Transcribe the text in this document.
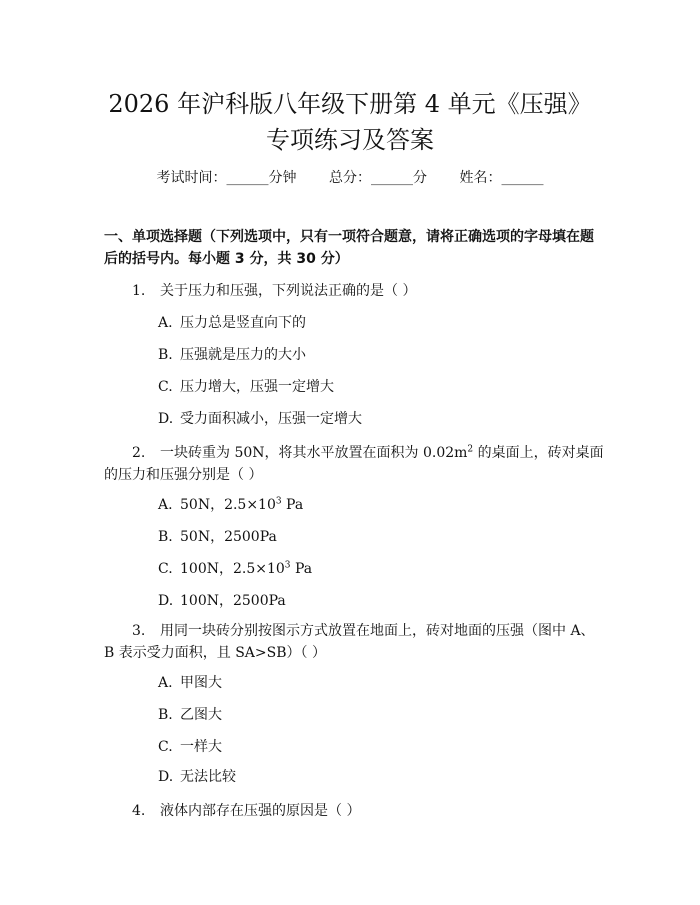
2026 年沪科版八年级下册第 4 单元《压强》
专项练习及答案
考试时间：______分钟 总分：______分 姓名：______

一、单项选择题（下列选项中，只有一项符合题意，请将正确选项的字母填在题后的括号内。每小题 3 分，共 30 分）

1. 关于压力和压强，下列说法正确的是（ ）

A. 压力总是竖直向下的

B. 压强就是压力的大小

C. 压力增大，压强一定增大

D. 受力面积减小，压强一定增大

2. 一块砖重为 50N，将其水平放置在面积为 $0.02m^2$ 的桌面上，砖对桌面的压力和压强分别是（ ）

A. 50N，$2.5\times 10^3$ Pa

B. 50N，2500Pa

C. 100N，$2.5\times 10^3$ Pa

D. 100N，2500Pa

3. 用同一块砖分别按图示方式放置在地面上，砖对地面的压强（图中 A、B 表示受力面积，且 SA>SB）（ ）

A. 甲图大

B. 乙图大

C. 一样大

D. 无法比较

4. 液体内部存在压强的原因是（ ）
